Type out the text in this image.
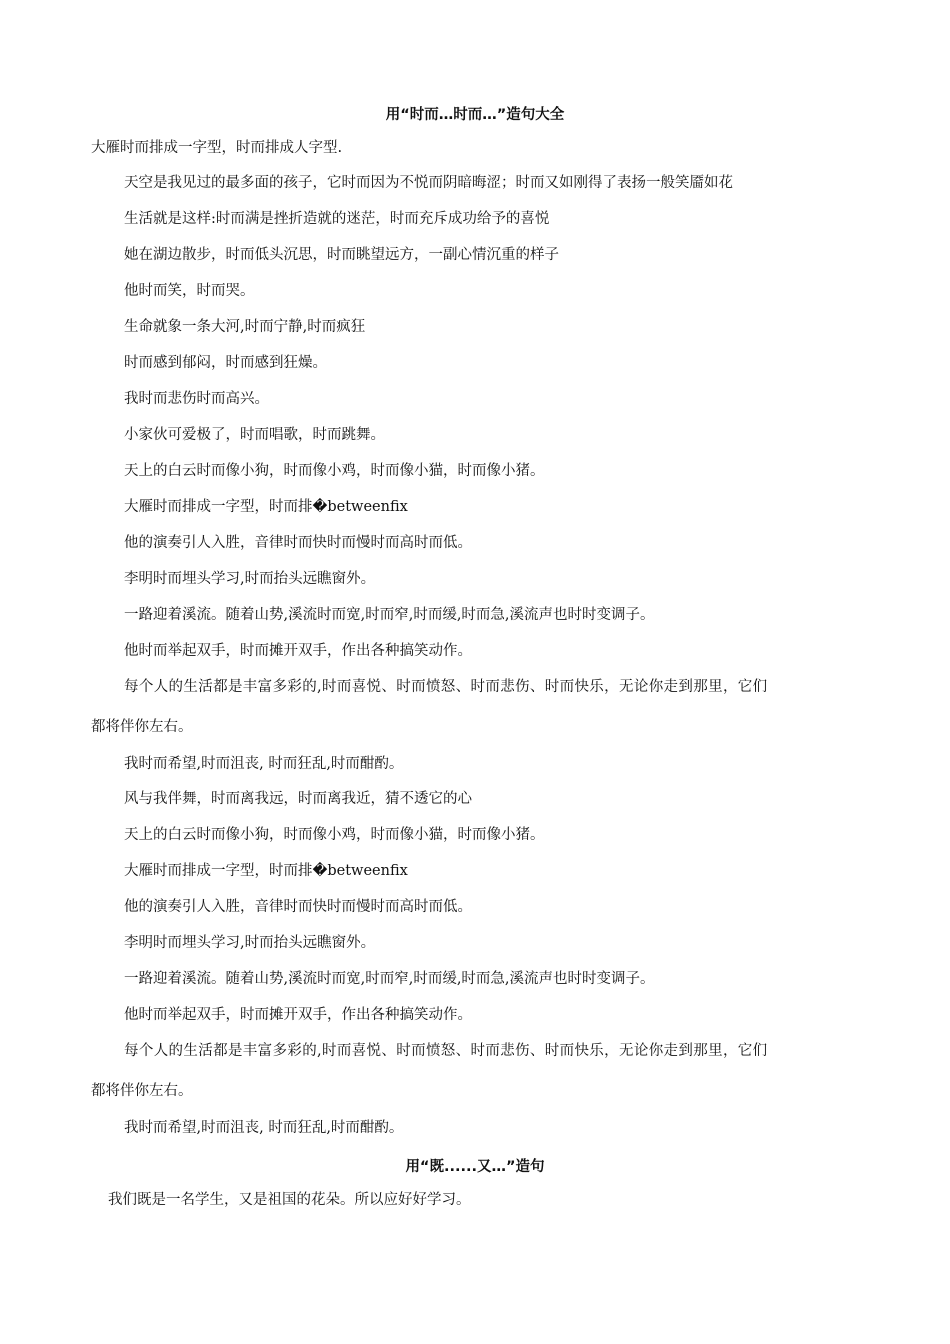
用“时而…时而…”造句大全
大雁时而排成一字型，时而排成人字型.
天空是我见过的最多面的孩子，它时而因为不悦而阴暗晦涩；时而又如刚得了表扬一般笑靥如花
生活就是这样:时而满是挫折造就的迷茫，时而充斥成功给予的喜悦
她在湖边散步，时而低头沉思，时而眺望远方，一副心情沉重的样子
他时而笑，时而哭。
生命就象一条大河,时而宁静,时而疯狂
时而感到郁闷，时而感到狂燥。
我时而悲伤时而高兴。
小家伙可爱极了，时而唱歌，时而跳舞。
天上的白云时而像小狗，时而像小鸡，时而像小猫，时而像小猪。
大雁时而排成一字型，时而排�betweenfix
他的演奏引人入胜，音律时而快时而慢时而高时而低。
李明时而埋头学习,时而抬头远瞧窗外。
一路迎着溪流。随着山势,溪流时而宽,时而窄,时而缓,时而急,溪流声也时时变调子。
他时而举起双手，时而摊开双手，作出各种搞笑动作。
每个人的生活都是丰富多彩的,时而喜悦、时而愤怒、时而悲伤、时而快乐，无论你走到那里，它们
都将伴你左右。
我时而希望,时而沮丧, 时而狂乱,时而酣酌。
风与我伴舞，时而离我远，时而离我近，猜不透它的心
天上的白云时而像小狗，时而像小鸡，时而像小猫，时而像小猪。
大雁时而排成一字型，时而排�betweenfix
他的演奏引人入胜，音律时而快时而慢时而高时而低。
李明时而埋头学习,时而抬头远瞧窗外。
一路迎着溪流。随着山势,溪流时而宽,时而窄,时而缓,时而急,溪流声也时时变调子。
他时而举起双手，时而摊开双手，作出各种搞笑动作。
每个人的生活都是丰富多彩的,时而喜悦、时而愤怒、时而悲伤、时而快乐，无论你走到那里，它们
都将伴你左右。
我时而希望,时而沮丧, 时而狂乱,时而酣酌。
用“既......又…”造句
我们既是一名学生，又是祖国的花朵。所以应好好学习。
